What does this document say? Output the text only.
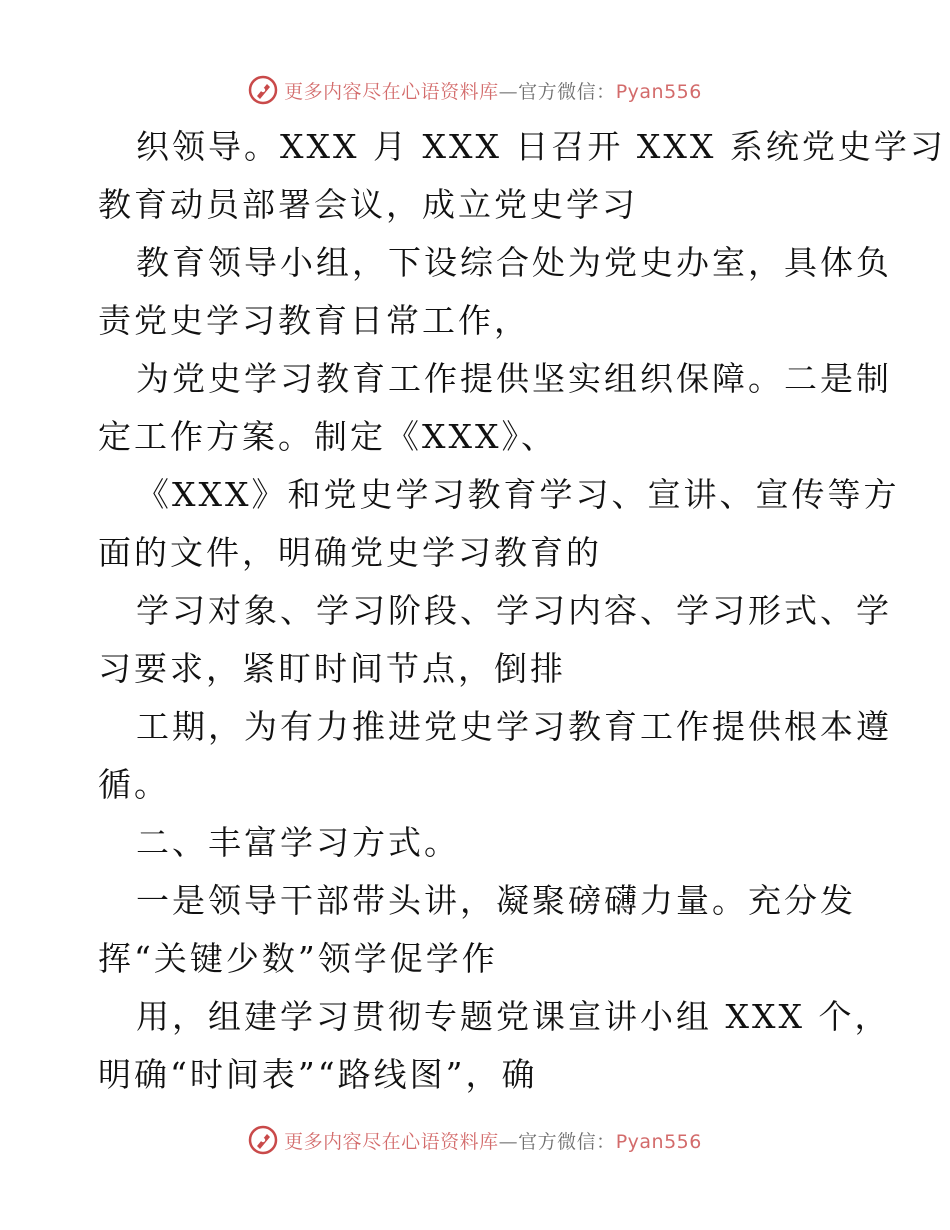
更多内容尽在心语资料库—官方微信：Pyan556
织领导。XXX 月 XXX 日召开 XXX 系统党史学习
教育动员部署会议，成立党史学习
教育领导小组，下设综合处为党史办室，具体负
责党史学习教育日常工作，
为党史学习教育工作提供坚实组织保障。二是制
定工作方案。制定《XXX》、
《XXX》和党史学习教育学习、宣讲、宣传等方
面的文件，明确党史学习教育的
学习对象、学习阶段、学习内容、学习形式、学
习要求，紧盯时间节点，倒排
工期，为有力推进党史学习教育工作提供根本遵
循。
二、丰富学习方式。
一是领导干部带头讲，凝聚磅礴力量。充分发
挥“关键少数”领学促学作
用，组建学习贯彻专题党课宣讲小组 XXX 个，
明确“时间表”“路线图”，确
更多内容尽在心语资料库—官方微信：Pyan556
